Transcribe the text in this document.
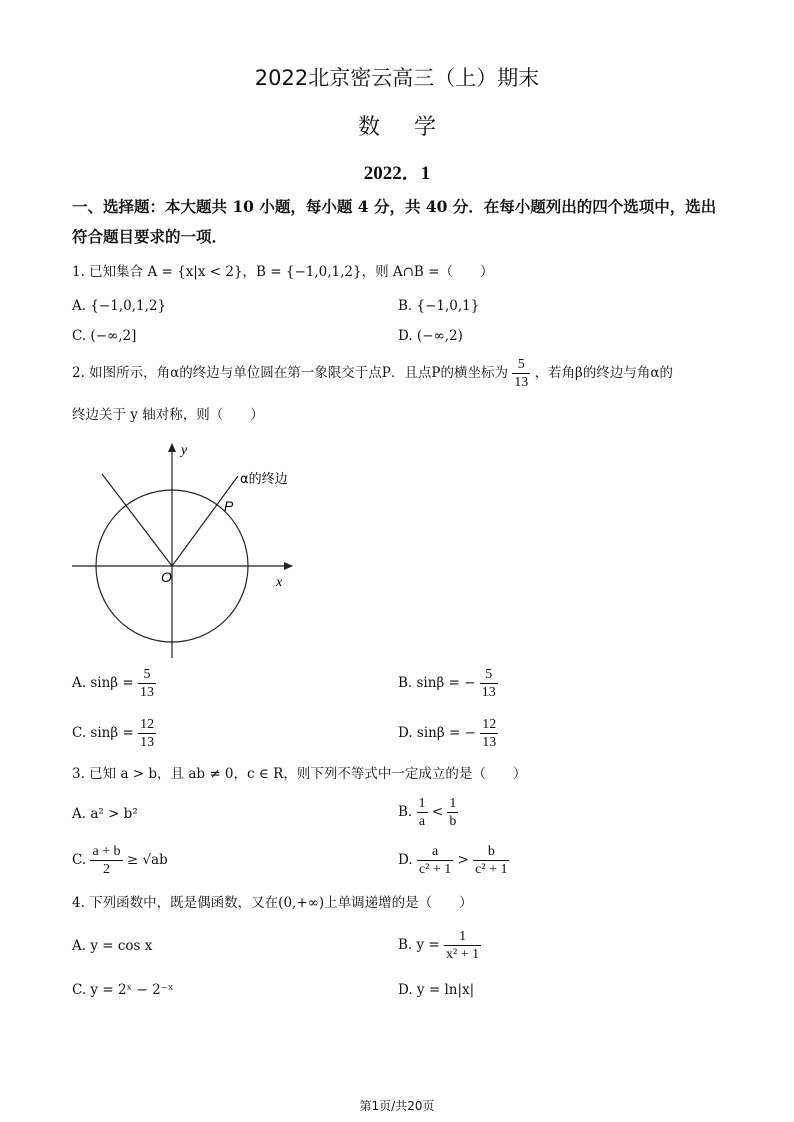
2022北京密云高三（上）期末
数学
2022．1
一、选择题：本大题共 10 小题，每小题 4 分，共 40 分．在每小题列出的四个选项中，选出
符合题目要求的一项．
1. 已知集合 A = {x|x < 2}，B = {−1,0,1,2}，则 A∩B =（　　）
A. {−1,0,1,2}	B. {−1,0,1}
C. (−∞,2]	D. (−∞,2)
2. 如图所示，角α的终边与单位圆在第一象限交于点P．且点P的横坐标为 $\frac{5}{13}$ ，若角β的终边与角α的
终边关于 y 轴对称，则（　　）
y
x
O
P
α的终边
A. $\sin\beta = \frac{5}{13}$	B. sinβ = − $\frac{5}{13}$
C. $\sin\beta = \frac{12}{13}$	D. sinβ = − $\frac{12}{13}$
3. 已知 a > b，且 ab ≠ 0，c ∈ R，则下列不等式中一定成立的是（　　）
A. a² > b²	B. $\frac{1}{a} < \frac{1}{b}$
C. $\frac{a + b}{2} \ge √ab$	D. $\frac{a}{\text{c² + 1}} > \frac{b}{\text{c² + 1}}$
4. 下列函数中，既是偶函数，又在(0,+∞)上单调递增的是（　　）
A. y = cos x	B. $y = \frac{1}{\text{x² + 1}}$
C. y = 2ˣ − 2⁻ˣ	D. y = ln|x|
第1页/共20页
